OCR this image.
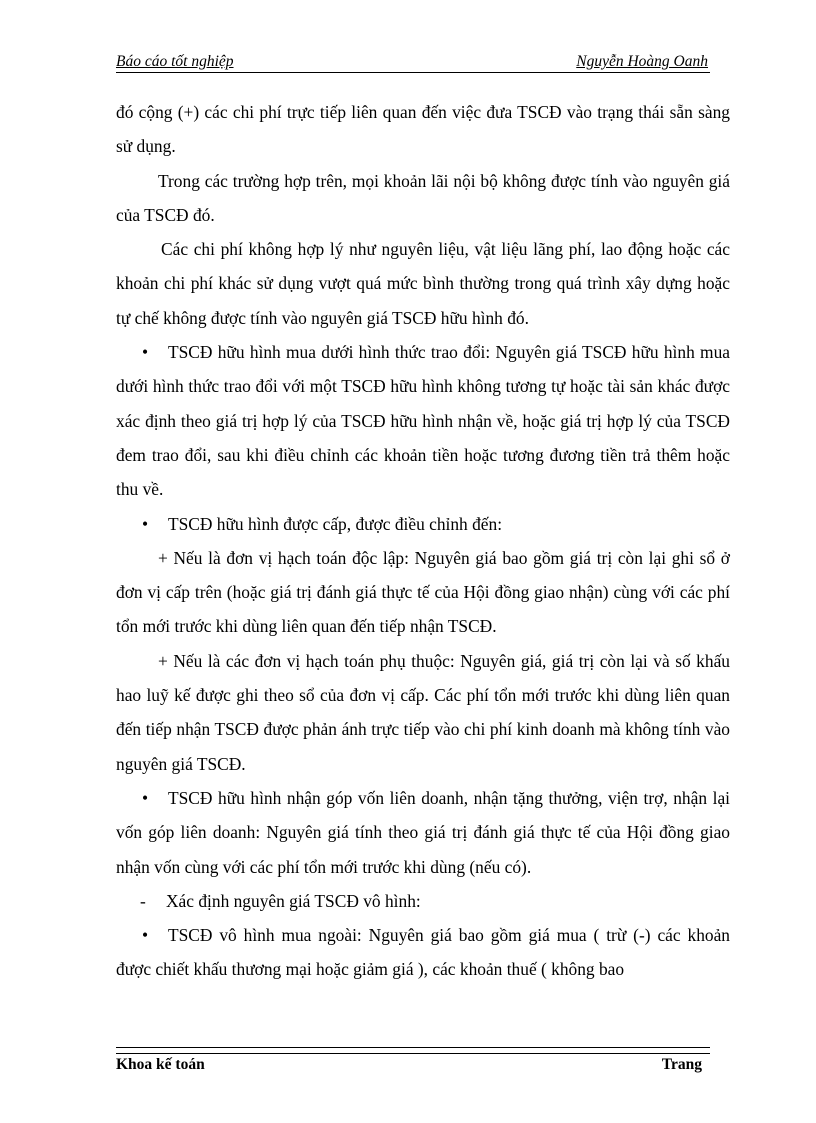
Báo cáo tốt nghiệp	Nguyễn Hoàng Oanh

đó cộng (+) các chi phí trực tiếp liên quan đến việc đưa TSCĐ vào trạng thái sẵn sàng sử dụng.

Trong các trường hợp trên, mọi khoản lãi nội bộ không được tính vào nguyên giá của TSCĐ đó.

Các chi phí không hợp lý như nguyên liệu, vật liệu lãng phí, lao động hoặc các khoản chi phí khác sử dụng vượt quá mức bình thường trong quá trình xây dựng hoặc tự chế không được tính vào nguyên giá TSCĐ hữu hình đó.

• TSCĐ hữu hình mua dưới hình thức trao đổi: Nguyên giá TSCĐ hữu hình mua dưới hình thức trao đổi với một TSCĐ hữu hình không tương tự hoặc tài sản khác được xác định theo giá trị hợp lý của TSCĐ hữu hình nhận về, hoặc giá trị hợp lý của TSCĐ đem trao đổi, sau khi điều chỉnh các khoản tiền hoặc tương đương tiền trả thêm hoặc thu về.

• TSCĐ hữu hình được cấp, được điều chỉnh đến:

+ Nếu là đơn vị hạch toán độc lập: Nguyên giá bao gồm giá trị còn lại ghi sổ ở đơn vị cấp trên (hoặc giá trị đánh giá thực tế của Hội đồng giao nhận) cùng với các phí tổn mới trước khi dùng liên quan đến tiếp nhận TSCĐ.

+ Nếu là các đơn vị hạch toán phụ thuộc: Nguyên giá, giá trị còn lại và số khấu hao luỹ kế được ghi theo sổ của đơn vị cấp. Các phí tổn mới trước khi dùng liên quan đến tiếp nhận TSCĐ được phản ánh trực tiếp vào chi phí kinh doanh mà không tính vào nguyên giá TSCĐ.

• TSCĐ hữu hình nhận góp vốn liên doanh, nhận tặng thưởng, viện trợ, nhận lại vốn góp liên doanh: Nguyên giá tính theo giá trị đánh giá thực tế của Hội đồng giao nhận vốn cùng với các phí tổn mới trước khi dùng (nếu có).

- Xác định nguyên giá TSCĐ vô hình:

• TSCĐ vô hình mua ngoài: Nguyên giá bao gồm giá mua ( trừ (-) các khoản được chiết khấu thương mại hoặc giảm giá ), các khoản thuế ( không bao

Khoa kế toán	Trang
